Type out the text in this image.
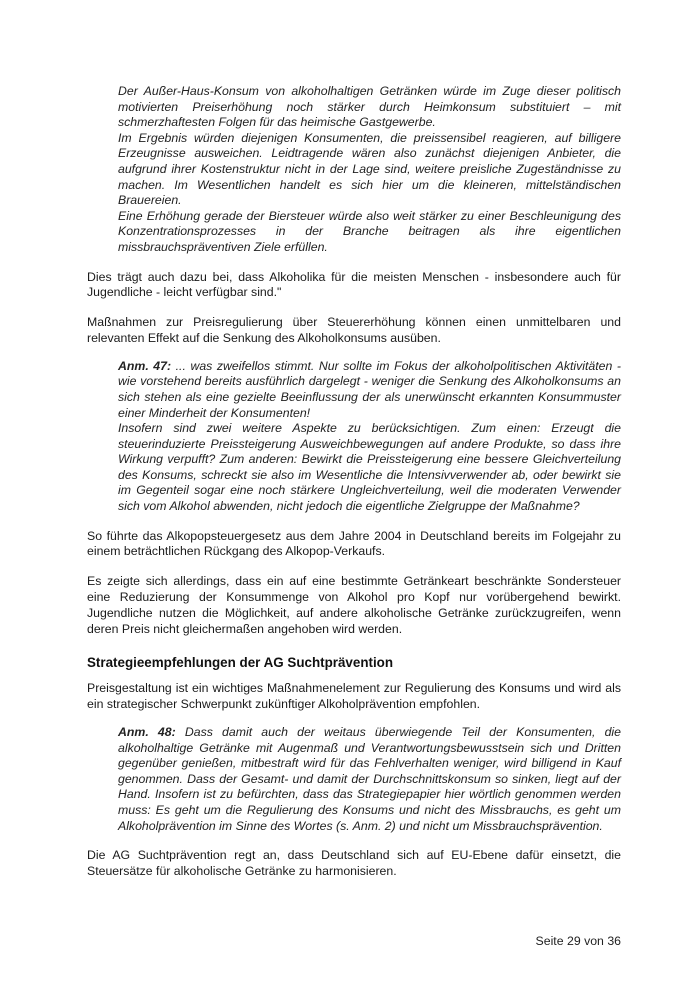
Der Außer-Haus-Konsum von alkoholhaltigen Getränken würde im Zuge dieser politisch motivierten Preiserhöhung noch stärker durch Heimkonsum substituiert – mit schmerzhaftesten Folgen für das heimische Gastgewerbe.

Im Ergebnis würden diejenigen Konsumenten, die preissensibel reagieren, auf billigere Erzeugnisse ausweichen. Leidtragende wären also zunächst diejenigen Anbieter, die aufgrund ihrer Kostenstruktur nicht in der Lage sind, weitere preisliche Zugeständnisse zu machen. Im Wesentlichen handelt es sich hier um die kleineren, mittelständischen Brauereien.

Eine Erhöhung gerade der Biersteuer würde also weit stärker zu einer Beschleunigung des Konzentrationsprozesses in der Branche beitragen als ihre eigentlichen missbrauchspräventiven Ziele erfüllen.

Dies trägt auch dazu bei, dass Alkoholika für die meisten Menschen - insbesondere auch für Jugendliche - leicht verfügbar sind."

Maßnahmen zur Preisregulierung über Steuererhöhung können einen unmittelbaren und relevanten Effekt auf die Senkung des Alkoholkonsums ausüben.

Anm. 47: ... was zweifellos stimmt. Nur sollte im Fokus der alkoholpolitischen Aktivitäten - wie vorstehend bereits ausführlich dargelegt - weniger die Senkung des Alkoholkonsums an sich stehen als eine gezielte Beeinflussung der als unerwünscht erkannten Konsummuster einer Minderheit der Konsumenten!

Insofern sind zwei weitere Aspekte zu berücksichtigen. Zum einen: Erzeugt die steuerinduzierte Preissteigerung Ausweichbewegungen auf andere Produkte, so dass ihre Wirkung verpufft? Zum anderen: Bewirkt die Preissteigerung eine bessere Gleichverteilung des Konsums, schreckt sie also im Wesentliche die Intensivverwender ab, oder bewirkt sie im Gegenteil sogar eine noch stärkere Ungleichverteilung, weil die moderaten Verwender sich vom Alkohol abwenden, nicht jedoch die eigentliche Zielgruppe der Maßnahme?

So führte das Alkopopsteuergesetz aus dem Jahre 2004 in Deutschland bereits im Folgejahr zu einem beträchtlichen Rückgang des Alkopop-Verkaufs.

Es zeigte sich allerdings, dass ein auf eine bestimmte Getränkeart beschränkte Sondersteuer eine Reduzierung der Konsummenge von Alkohol pro Kopf nur vorübergehend bewirkt. Jugendliche nutzen die Möglichkeit, auf andere alkoholische Getränke zurückzugreifen, wenn deren Preis nicht gleichermaßen angehoben wird werden.

Strategieempfehlungen der AG Suchtprävention

Preisgestaltung ist ein wichtiges Maßnahmenelement zur Regulierung des Konsums und wird als ein strategischer Schwerpunkt zukünftiger Alkoholprävention empfohlen.

Anm. 48: Dass damit auch der weitaus überwiegende Teil der Konsumenten, die alkoholhaltige Getränke mit Augenmaß und Verantwortungsbewusstsein sich und Dritten gegenüber genießen, mitbestraft wird für das Fehlverhalten weniger, wird billigend in Kauf genommen. Dass der Gesamt- und damit der Durchschnittskonsum so sinken, liegt auf der Hand. Insofern ist zu befürchten, dass das Strategiepapier hier wörtlich genommen werden muss: Es geht um die Regulierung des Konsums und nicht des Missbrauchs, es geht um Alkoholprävention im Sinne des Wortes (s. Anm. 2) und nicht um Missbrauchsprävention.

Die AG Suchtprävention regt an, dass Deutschland sich auf EU-Ebene dafür einsetzt, die Steuersätze für alkoholische Getränke zu harmonisieren.

Seite 29 von 36
